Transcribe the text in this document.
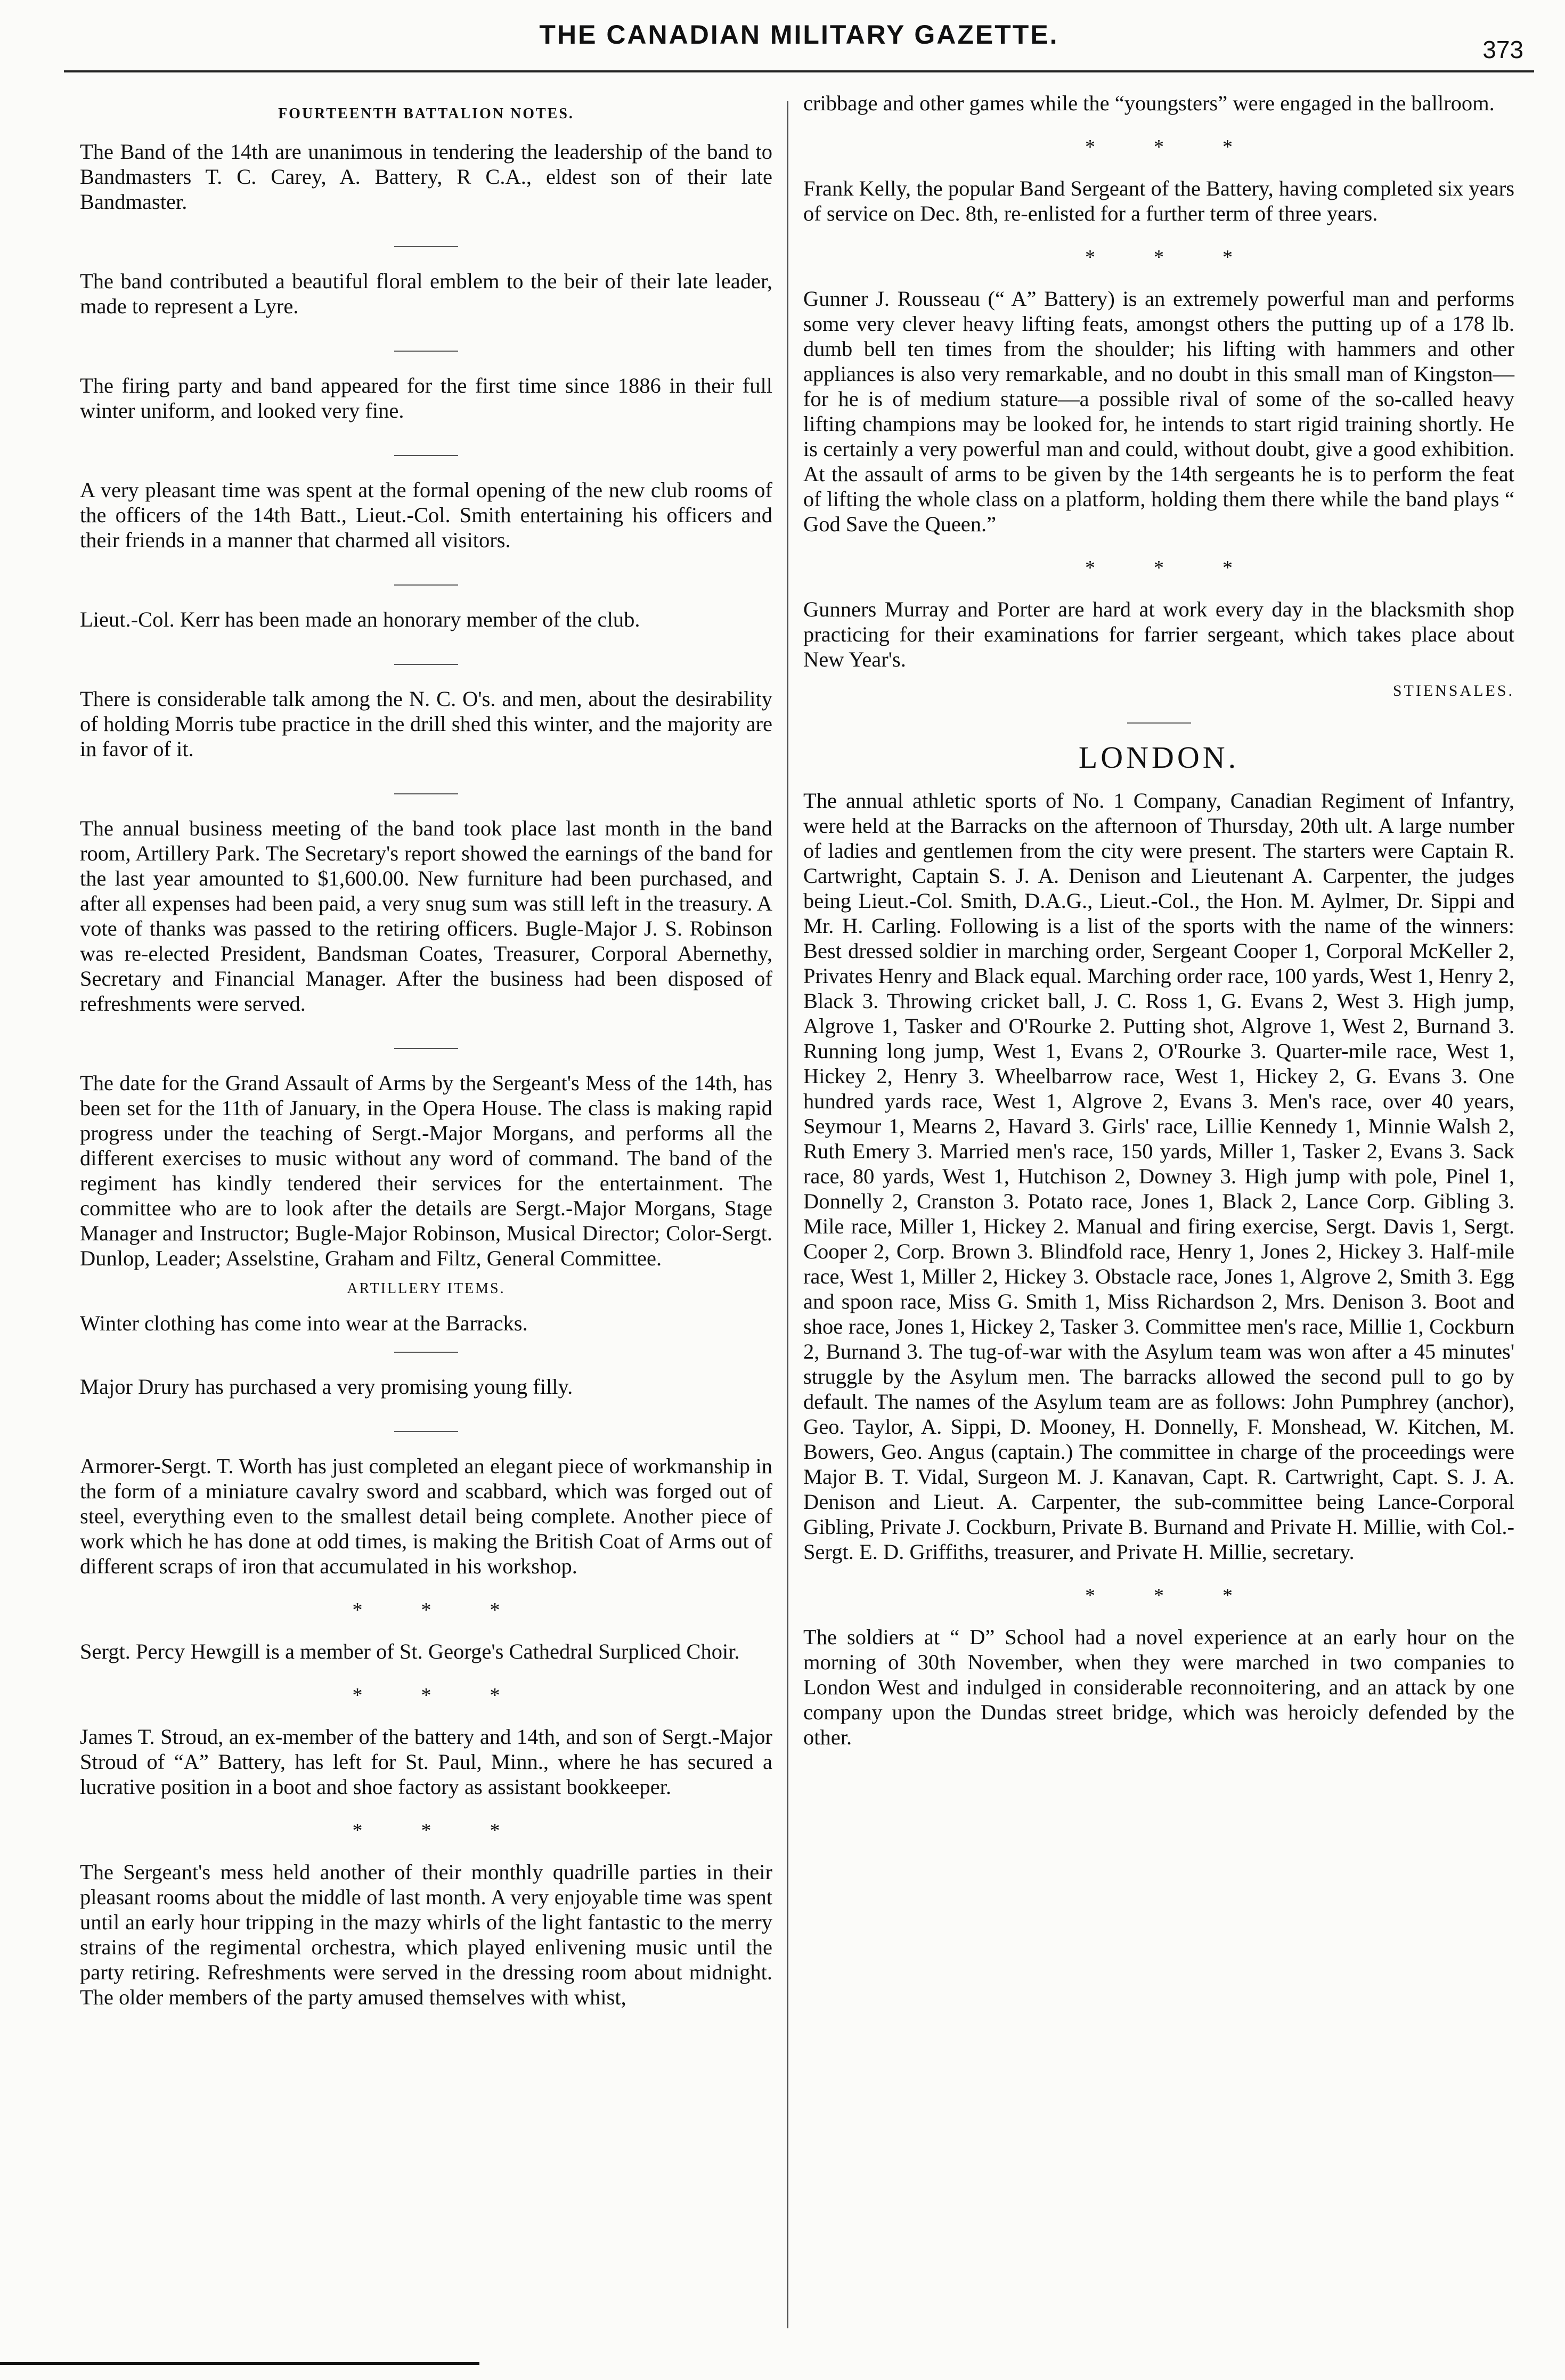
THE CANADIAN MILITARY GAZETTE.	373
FOURTEENTH BATTALION NOTES.

The Band of the 14th are unanimous in tendering the leadership of the band to Bandmasters T. C. Carey, A. Battery, R C.A., eldest son of their late Bandmaster.

The band contributed a beautiful floral emblem to the beir of their late leader, made to represent a Lyre.

The firing party and band appeared for the first time since 1886 in their full winter uniform, and looked very fine.

A very pleasant time was spent at the formal opening of the new club rooms of the officers of the 14th Batt., Lieut.-Col. Smith entertaining his officers and their friends in a manner that charmed all visitors.

Lieut.-Col. Kerr has been made an honorary member of the club.

There is considerable talk among the N. C. O's. and men, about the desirability of holding Morris tube practice in the drill shed this winter, and the majority are in favor of it.

The annual business meeting of the band took place last month in the band room, Artillery Park. The Secretary's report showed the earnings of the band for the last year amounted to $1,600.00. New furniture had been purchased, and after all expenses had been paid, a very snug sum was still left in the treasury. A vote of thanks was passed to the retiring officers. Bugle-Major J. S. Robinson was re-elected President, Bandsman Coates, Treasurer, Corporal Abernethy, Secretary and Financial Manager. After the business had been disposed of refreshments were served.

The date for the Grand Assault of Arms by the Sergeant's Mess of the 14th, has been set for the 11th of January, in the Opera House. The class is making rapid progress under the teaching of Sergt.-Major Morgans, and performs all the different exercises to music without any word of command. The band of the regiment has kindly tendered their services for the entertainment. The committee who are to look after the details are Sergt.-Major Morgans, Stage Manager and Instructor; Bugle-Major Robinson, Musical Director; Color-Sergt. Dunlop, Leader; Asselstine, Graham and Filtz, General Committee.

ARTILLERY ITEMS.

Winter clothing has come into wear at the Barracks.

Major Drury has purchased a very promising young filly.

Armorer-Sergt. T. Worth has just completed an elegant piece of workmanship in the form of a miniature cavalry sword and scabbard, which was forged out of steel, everything even to the smallest detail being complete. Another piece of work which he has done at odd times, is making the British Coat of Arms out of different scraps of iron that accumulated in his workshop.

***

Sergt. Percy Hewgill is a member of St. George's Cathedral Surpliced Choir.

***

James T. Stroud, an ex-member of the battery and 14th, and son of Sergt.-Major Stroud of “A” Battery, has left for St. Paul, Minn., where he has secured a lucrative position in a boot and shoe factory as assistant bookkeeper.

***

The Sergeant's mess held another of their monthly quadrille parties in their pleasant rooms about the middle of last month. A very enjoyable time was spent until an early hour tripping in the mazy whirls of the light fantastic to the merry strains of the regimental orchestra, which played enlivening music until the party retiring. Refreshments were served in the dressing room about midnight. The older members of the party amused themselves with whist,

cribbage and other games while the “youngsters” were engaged in the ballroom.

***

Frank Kelly, the popular Band Sergeant of the Battery, having completed six years of service on Dec. 8th, re-enlisted for a further term of three years.

***

Gunner J. Rousseau (“ A” Battery) is an extremely powerful man and performs some very clever heavy lifting feats, amongst others the putting up of a 178 lb. dumb bell ten times from the shoulder; his lifting with hammers and other appliances is also very remarkable, and no doubt in this small man of Kingston—for he is of medium stature—a possible rival of some of the so-called heavy lifting champions may be looked for, he intends to start rigid training shortly. He is certainly a very powerful man and could, without doubt, give a good exhibition. At the assault of arms to be given by the 14th sergeants he is to perform the feat of lifting the whole class on a platform, holding them there while the band plays “ God Save the Queen.”

***

Gunners Murray and Porter are hard at work every day in the blacksmith shop practicing for their examinations for farrier sergeant, which takes place about New Year's.

STIENSALES.
LONDON.

The annual athletic sports of No. 1 Company, Canadian Regiment of Infantry, were held at the Barracks on the afternoon of Thursday, 20th ult. A large number of ladies and gentlemen from the city were present. The starters were Captain R. Cartwright, Captain S. J. A. Denison and Lieutenant A. Carpenter, the judges being Lieut.-Col. Smith, D.A.G., Lieut.-Col., the Hon. M. Aylmer, Dr. Sippi and Mr. H. Carling. Following is a list of the sports with the name of the winners: Best dressed soldier in marching order, Sergeant Cooper 1, Corporal McKeller 2, Privates Henry and Black equal. Marching order race, 100 yards, West 1, Henry 2, Black 3. Throwing cricket ball, J. C. Ross 1, G. Evans 2, West 3. High jump, Algrove 1, Tasker and O'Rourke 2. Putting shot, Algrove 1, West 2, Burnand 3. Running long jump, West 1, Evans 2, O'Rourke 3. Quarter-mile race, West 1, Hickey 2, Henry 3. Wheelbarrow race, West 1, Hickey 2, G. Evans 3. One hundred yards race, West 1, Algrove 2, Evans 3. Men's race, over 40 years, Seymour 1, Mearns 2, Havard 3. Girls' race, Lillie Kennedy 1, Minnie Walsh 2, Ruth Emery 3. Married men's race, 150 yards, Miller 1, Tasker 2, Evans 3. Sack race, 80 yards, West 1, Hutchison 2, Downey 3. High jump with pole, Pinel 1, Donnelly 2, Cranston 3. Potato race, Jones 1, Black 2, Lance Corp. Gibling 3. Mile race, Miller 1, Hickey 2. Manual and firing exercise, Sergt. Davis 1, Sergt. Cooper 2, Corp. Brown 3. Blindfold race, Henry 1, Jones 2, Hickey 3. Half-mile race, West 1, Miller 2, Hickey 3. Obstacle race, Jones 1, Algrove 2, Smith 3. Egg and spoon race, Miss G. Smith 1, Miss Richardson 2, Mrs. Denison 3. Boot and shoe race, Jones 1, Hickey 2, Tasker 3. Committee men's race, Millie 1, Cockburn 2, Burnand 3. The tug-of-war with the Asylum team was won after a 45 minutes' struggle by the Asylum men. The barracks allowed the second pull to go by default. The names of the Asylum team are as follows: John Pumphrey (anchor), Geo. Taylor, A. Sippi, D. Mooney, H. Donnelly, F. Monshead, W. Kitchen, M. Bowers, Geo. Angus (captain.) The committee in charge of the proceedings were Major B. T. Vidal, Surgeon M. J. Kanavan, Capt. R. Cartwright, Capt. S. J. A. Denison and Lieut. A. Carpenter, the sub-committee being Lance-Corporal Gibling, Private J. Cockburn, Private B. Burnand and Private H. Millie, with Col.-Sergt. E. D. Griffiths, treasurer, and Private H. Millie, secretary.

***

The soldiers at “ D” School had a novel experience at an early hour on the morning of 30th November, when they were marched in two companies to London West and indulged in considerable reconnoitering, and an attack by one company upon the Dundas street bridge, which was heroicly defended by the other.
